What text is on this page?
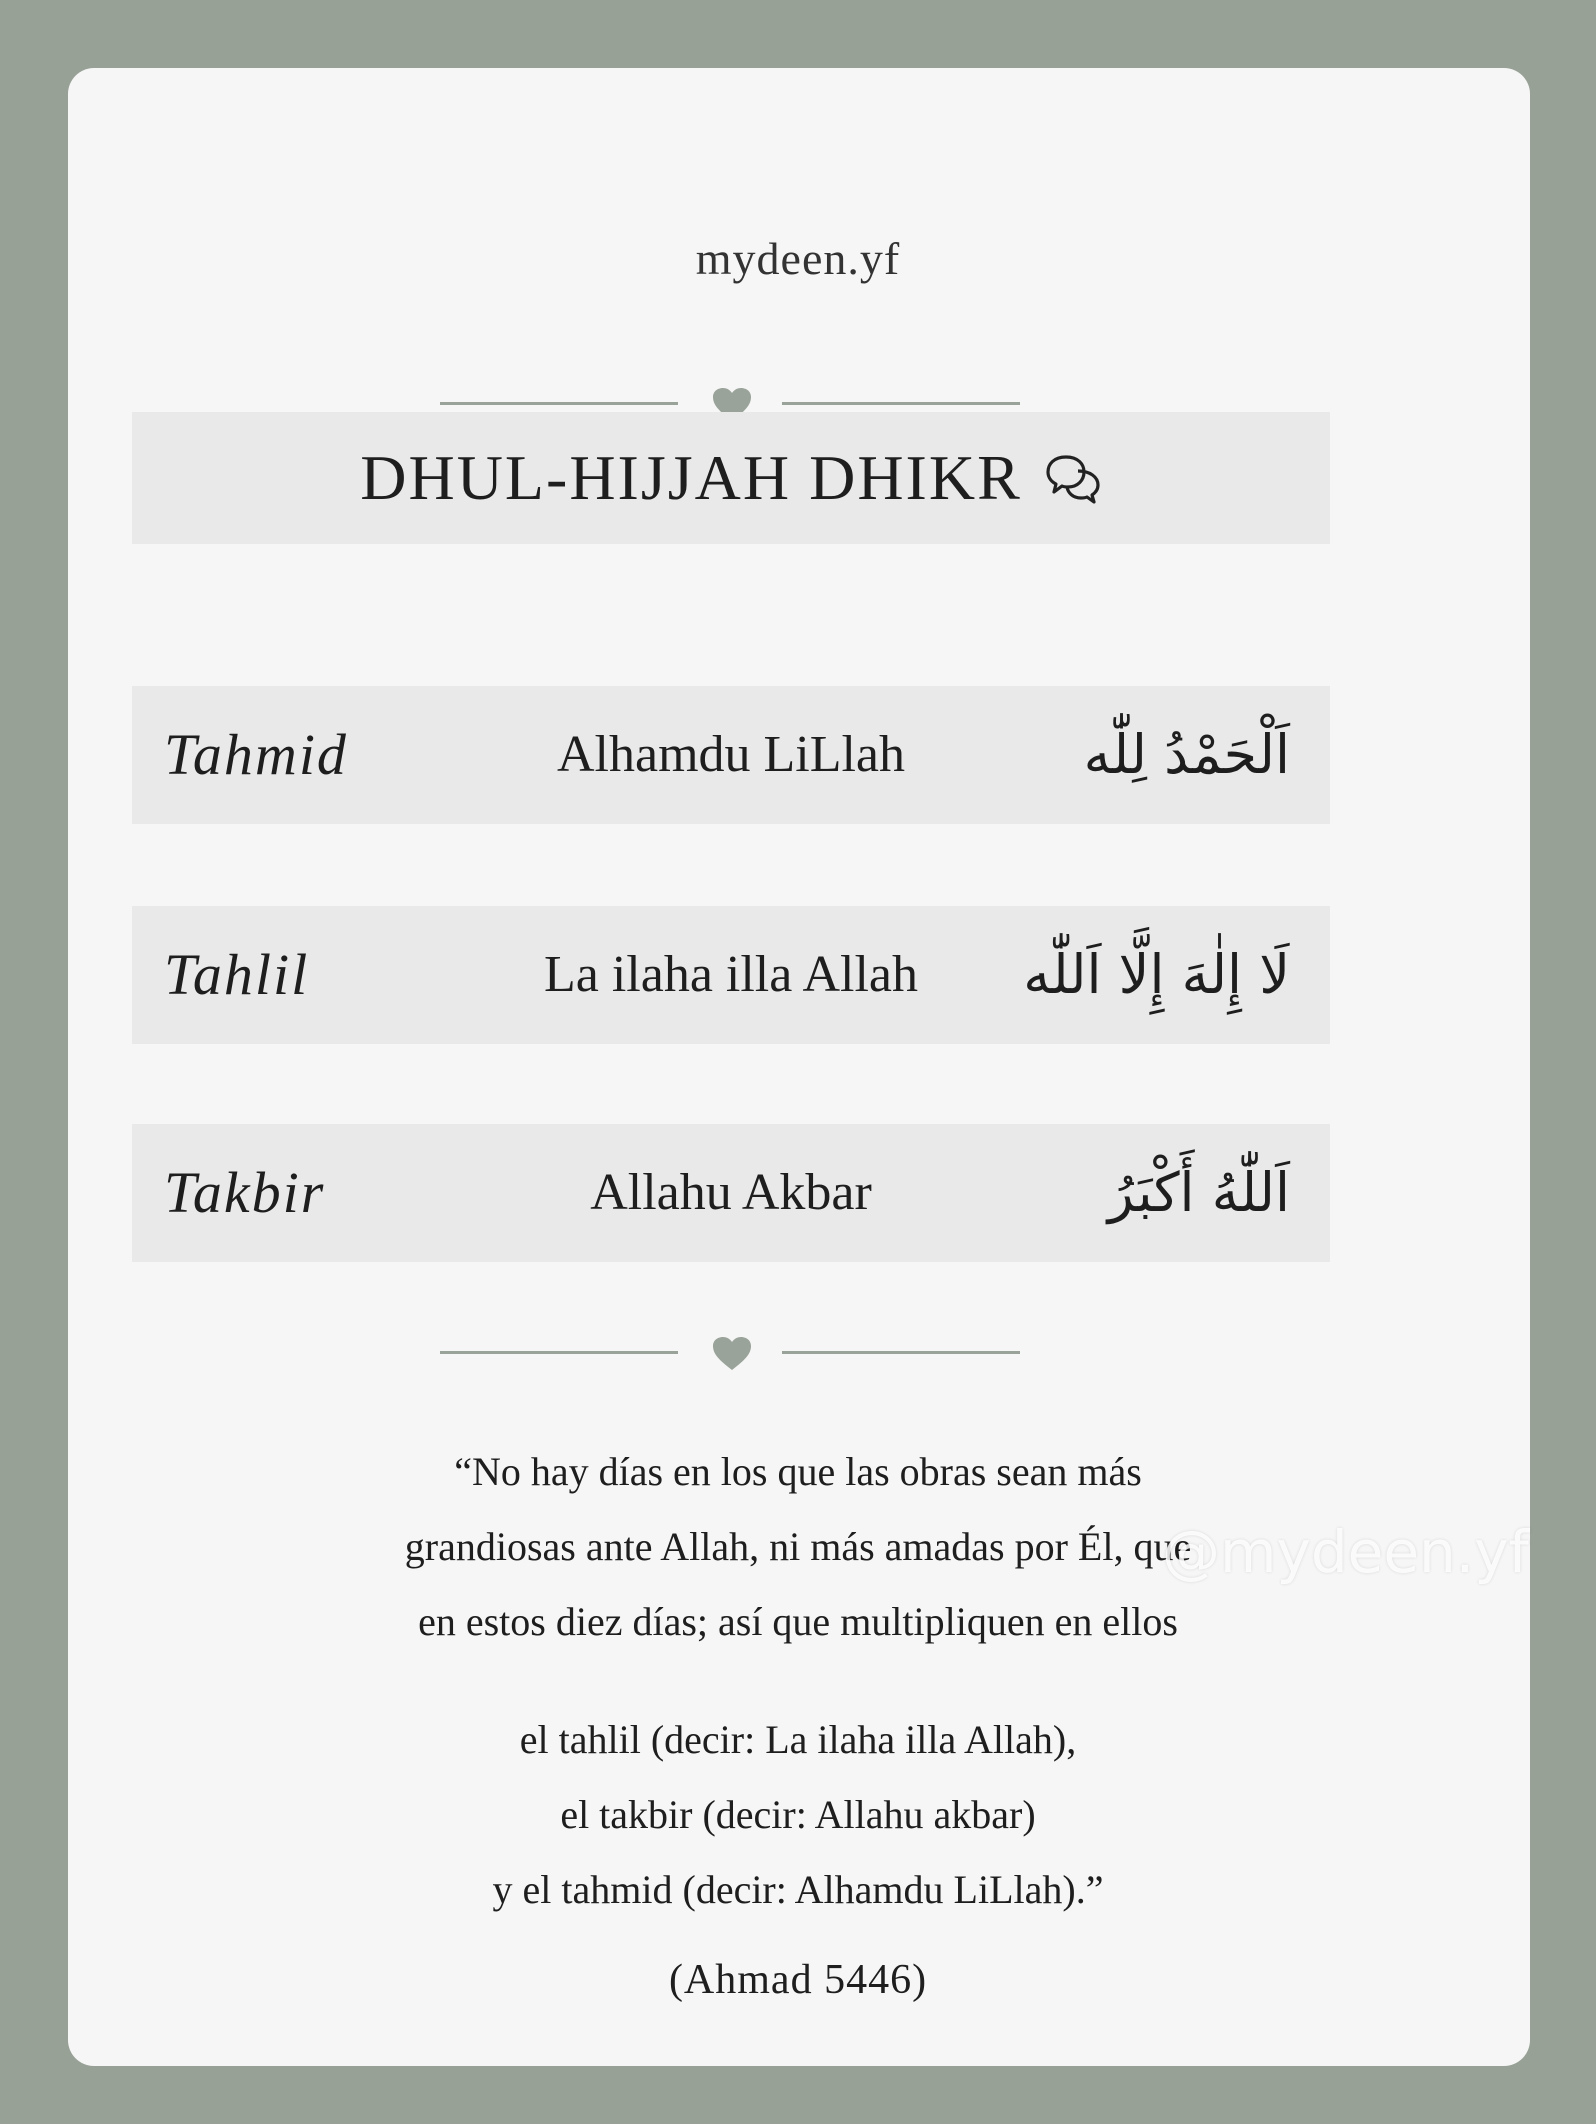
mydeen.yf
DHUL-HIJJAH DHIKR
Tahmid	Alhamdu LiLlah	اَلْحَمْدُ لِلّٰه
Tahlil	La ilaha illa Allah	لَا إِلٰهَ إِلَّا اَللّٰه
Takbir	Allahu Akbar	اَللّٰهُ أَكْبَرُ
“No hay días en los que las obras sean más
grandiosas ante Allah, ni más amadas por Él, que
en estos diez días; así que multipliquen en ellos
el tahlil (decir: La ilaha illa Allah),
el takbir (decir: Allahu akbar)
y el tahmid (decir: Alhamdu LiLlah).”
(Ahmad 5446)
@mydeen.yf
